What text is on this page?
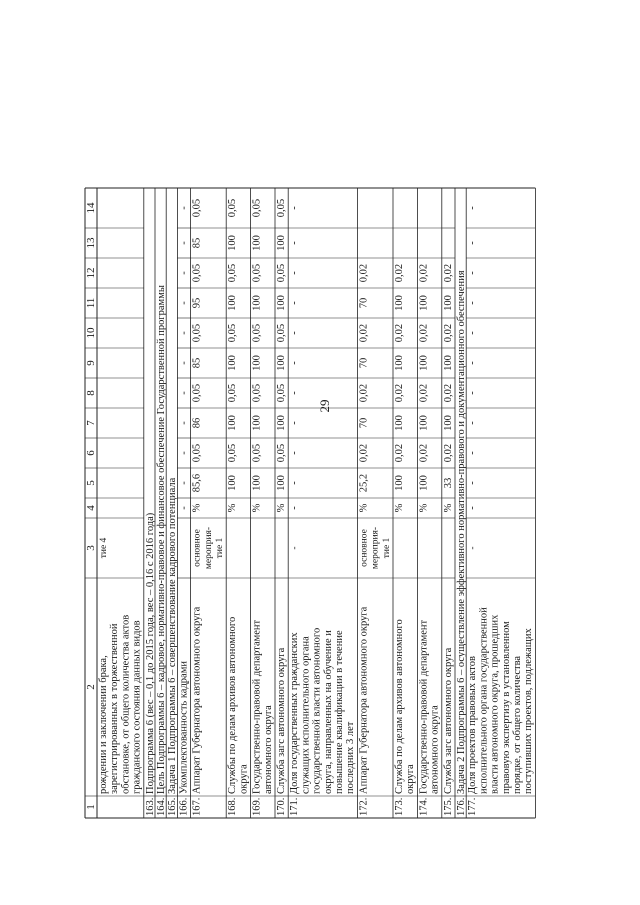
29
1
2
3
4
5
6
7
8
9
10
11
12
13
14
рождении и заключении брака, зарегистрированных в торжественной обстановке, от общего количества актов гражданского состояния данных видов
тие 4
163.
Подпрограмма 6 (вес – 0,1 до 2015 года, вес – 0,16 с 2016 года)
164.
Цель Подпрограммы 6 – кадровое, нормативно-правовое и финансовое обеспечение Государственной программы
165.
Задача 1 Подпрограммы 6 – совершенствование кадрового потенциала
166.
Укомплектованность кадрами
-
-
-
-
-
-
-
-
-
-
-
167.
Аппарат Губернатора автономного округа
основное мероприя- тие 1
%
85,6
0,05
86
0,05
85
0,05
95
0,05
85
0,05
168.
Службы по делам архивов автономного округа
%
100
0,05
100
0,05
100
0,05
100
0,05
100
0,05
169.
Государственно-правовой департамент автономного округа
%
100
0,05
100
0,05
100
0,05
100
0,05
100
0,05
170.
Служба загс автономного округа
%
100
0,05
100
0,05
100
0,05
100
0,05
100
0,05
171.
Доля государственных гражданских служащих исполнительного органа государственной власти автономного округа, направленных на обучение и повышение квалификации в течение последних 3 лет
-
-
-
-
-
-
-
-
-
-
-
-
172.
Аппарат Губернатора автономного округа
основное мероприя- тие 1
%
25,2
0,02
70
0,02
70
0,02
70
0,02
173.
Служба по делам архивов автономного округа
%
100
0,02
100
0,02
100
0,02
100
0,02
174.
Государственно-правовой департамент автономного округа
%
100
0,02
100
0,02
100
0,02
100
0,02
175.
Служба загс автономного округа
%
33
0,02
100
0,02
100
0,02
100
0,02
176.
Задача 2 Подпрограммы 6 – осуществление эффективного нормативно-правового и документационного обеспечения
177.
Доля проектов правовых актов исполнительного органа государственной власти автономного округа, прошедших правовую экспертизу в установленном порядке, от общего количества поступивших проектов, подлежащих
-
-
-
-
-
-
-
-
-
-
-
-
